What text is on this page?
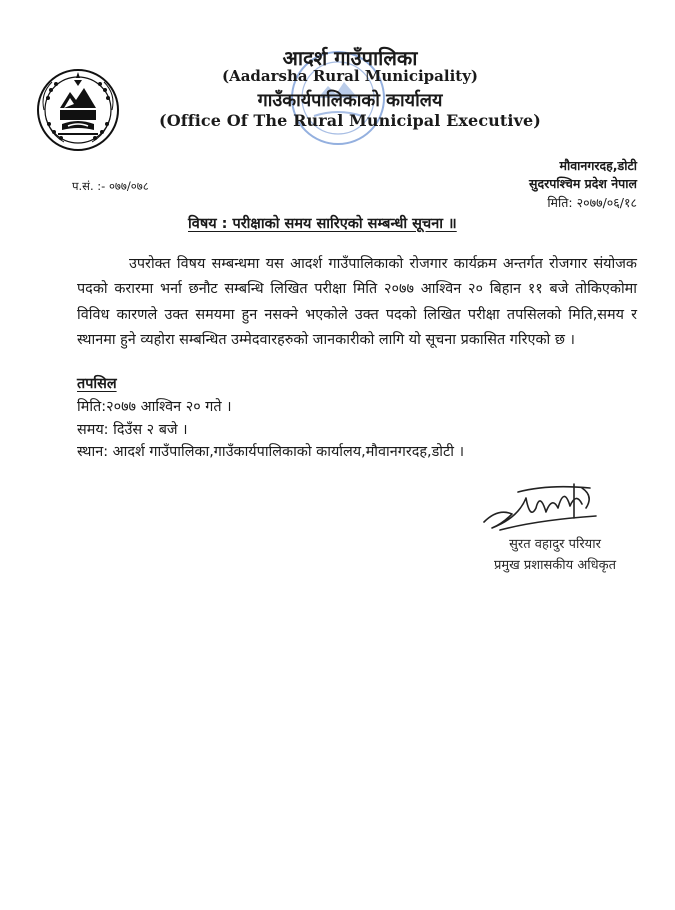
आदर्श गाउँपालिका
(Aadarsha Rural Municipality)
गाउँकार्यपालिकाको कार्यालय
(Office Of The Rural Municipal Executive)
मौवानगरदह,डोटी
सुदरपश्चिम प्रदेश नेपाल
मिति: २०७७/०६/१८
प.सं. :- ०७७/०७८
विषय : परीक्षाको समय सारिएको सम्बन्धी सूचना ॥

उपरोक्त विषय सम्बन्धमा यस आदर्श गाउँपालिकाको रोजगार कार्यक्रम अन्तर्गत रोजगार संयोजक पदको करारमा भर्ना छनौट सम्बन्धि लिखित परीक्षा मिति २०७७ आश्विन २० बिहान ११ बजे तोकिएकोमा विविध कारणले उक्त समयमा हुन नसक्ने भएकोले उक्त पदको लिखित परीक्षा तपसिलको मिति,समय र स्थानमा हुने व्यहोरा सम्बन्धित उम्मेदवारहरुको जानकारीको लागि यो सूचना प्रकासित गरिएको छ ।

तपसिल
मिति:२०७७ आश्विन २० गते ।
समय: दिउँस २ बजे ।
स्थान: आदर्श गाउँपालिका,गाउँकार्यपालिकाको कार्यालय,मौवानगरदह,डोटी ।
सुरत वहादुर परियार
प्रमुख प्रशासकीय अधिकृत
